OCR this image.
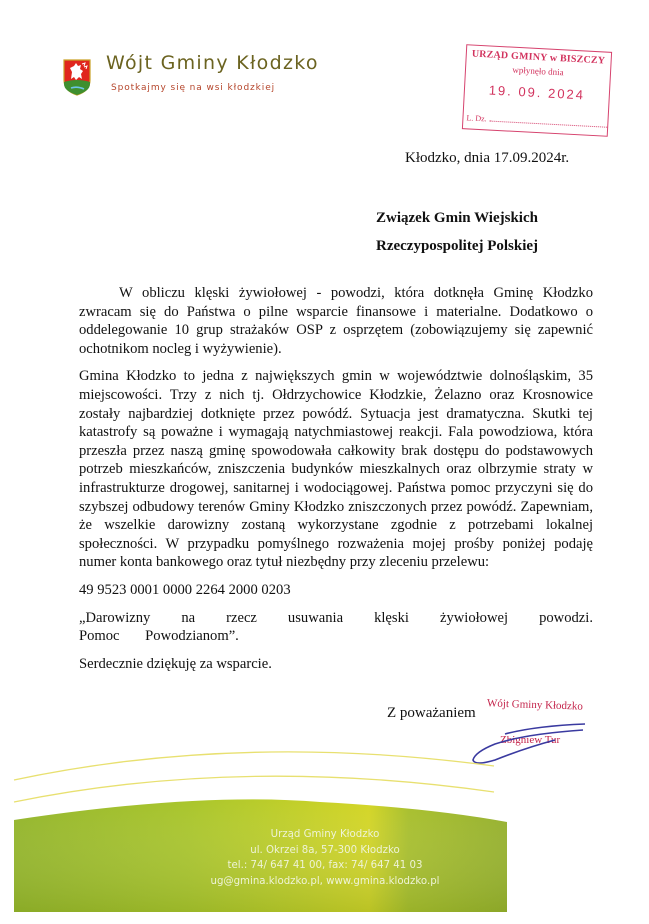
Wójt Gminy Kłodzko
Spotkajmy się na wsi kłodzkiej
URZĄD GMINY w BISZCZY
wpłynęło dnia
19. 09. 2024
L. Dz.
Kłodzko, dnia 17.09.2024r.
Związek Gmin Wiejskich
Rzeczypospolitej Polskiej

W obliczu klęski żywiołowej - powodzi, która dotknęła Gminę Kłodzko zwracam się do Państwa o pilne wsparcie finansowe i materialne. Dodatkowo o oddelegowanie 10 grup strażaków OSP z osprzętem (zobowiązujemy się zapewnić ochotnikom nocleg i wyżywienie).

Gmina Kłodzko to jedna z największych gmin w województwie dolnośląskim, 35 miejscowości. Trzy z nich tj. Ołdrzychowice Kłodzkie, Żelazno oraz Krosnowice zostały najbardziej dotknięte przez powódź. Sytuacja jest dramatyczna. Skutki tej katastrofy są poważne i wymagają natychmiastowej reakcji. Fala powodziowa, która przeszła przez naszą gminę spowodowała całkowity brak dostępu do podstawowych potrzeb mieszkańców, zniszczenia budynków mieszkalnych oraz olbrzymie straty w infrastrukturze drogowej, sanitarnej i wodociągowej. Państwa pomoc przyczyni się do szybszej odbudowy terenów Gminy Kłodzko zniszczonych przez powódź. Zapewniam, że wszelkie darowizny zostaną wykorzystane zgodnie z potrzebami lokalnej społeczności. W przypadku pomyślnego rozważenia mojej prośby poniżej podaję numer konta bankowego oraz tytuł niezbędny przy zleceniu przelewu:

49 9523 0001 0000 2264 2000 0203

„Darowizny na rzecz usuwania klęski żywiołowej powodzi. Pomoc Powodzianom”.

Serdecznie dziękuję za wsparcie.

Z poważaniem Wójt Gminy Kłodzko
Zbigniew Tur
Urząd Gminy Kłodzko
ul. Okrzei 8a, 57-300 Kłodzko
tel.: 74/ 647 41 00, fax: 74/ 647 41 03
ug@gmina.klodzko.pl, www.gmina.klodzko.pl
